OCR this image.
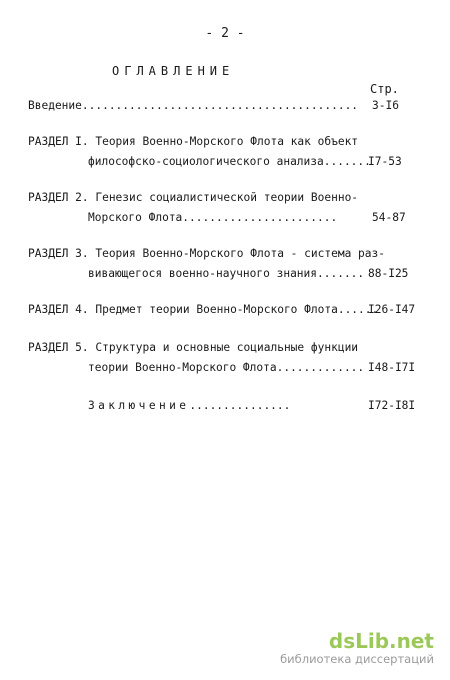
- 2 -
ОГЛАВЛЕНИЕ
Стр.
Введение......................................... 3-I6
РАЗДЕЛ I. Теория Военно-Морского Флота как объект
философско-социологического анализа.......
I7-53
РАЗДЕЛ 2. Генезис социалистической теории Военно-
Морского Флота.......................	54-87
РАЗДЕЛ 3. Теория Военно-Морского Флота - система раз-
вивающегося военно-научного знания....... 88-I25
РАЗДЕЛ 4. Предмет теории Военно-Морского Флота......
I26-I47
РАЗДЕЛ 5. Структура и основные социальные функции
теории Военно-Морского Флота............. I48-I7I
Заключение...............	I72-I8I
dsLib.net
библиотека диссертаций
